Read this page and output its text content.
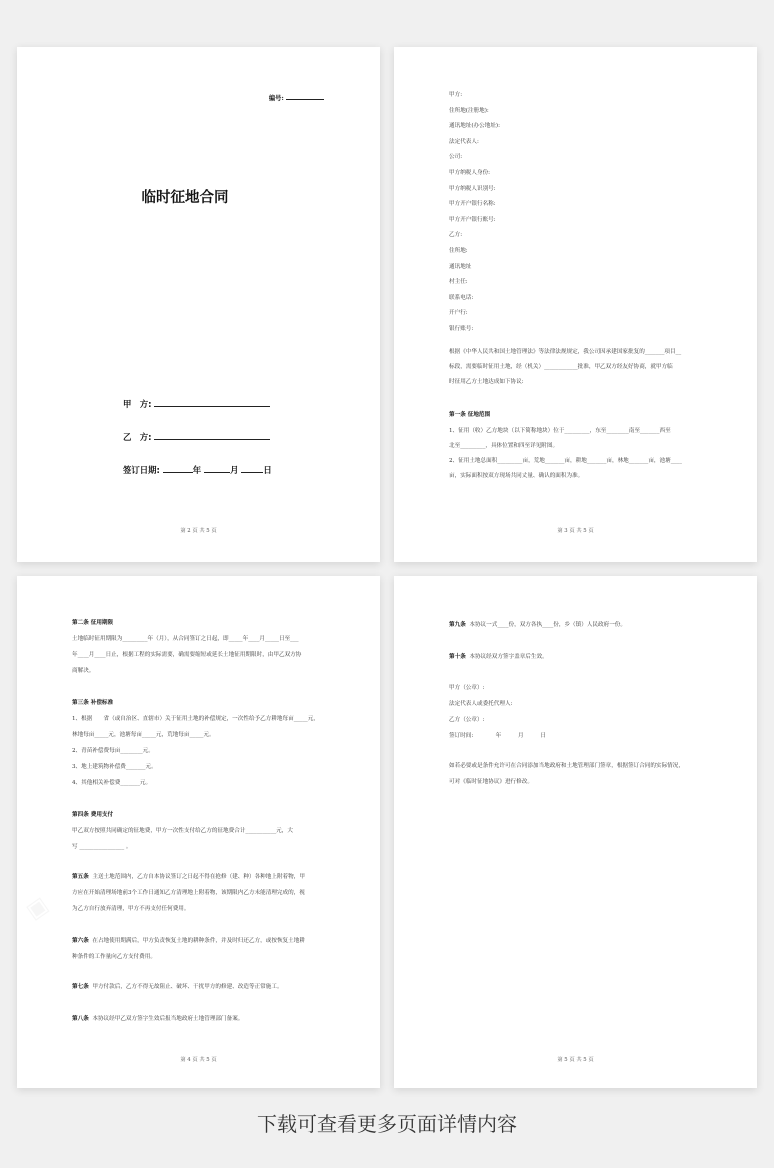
编号:
临时征地合同
甲　方:
乙　方:
签订日期:	年	月	日
第 2 页 共 5 页
甲方:
住所地(注册地):
通讯地址(办公地址):
法定代表人:
公司:
甲方纳税人身份:
甲方纳税人识别号:
甲方开户银行名称:
甲方开户银行账号:
乙方:
住所地:
通讯地址
村主任:
联系电话:
开户行:
银行账号:
根据《中华人民共和国土地管理法》等法律法规规定，我公司因承建国家批复的_______项目__
标段，需要临时征用土地，经（机关）____________批准，甲乙双方经友好协商，就甲方临
时征用乙方土地达成如下协议:
第一条 征地范围
1、征用（收）乙方地块（以下简称地块）位于_________，东至________南至_______西至
北至_________，具体位置和四至详见附图。
2、征用土地总面积_________亩，荒地_______亩，耕地_______亩，林地_______亩，池塘____
亩，实际面积按双方现场共同丈量、确认的面积为准。
第 3 页 共 5 页
第二条 征用期限
土地临时征用期限为_________年（月），从合同签订之日起，即_____年____月_____日至___
年____月____日止，根据工程的实际需要，确需要缩短或延长土地征用期限时，由甲乙双方协
商解决。
第三条 补偿标准
1、根据　　省（或自治区、直辖市）关于征用土地的补偿规定，一次性给予乙方耕地每亩_____元，
林地每亩_____元，池塘每亩_____元，荒地每亩_____元。
2、青苗补偿费每亩________元。
3、地上建筑物补偿费_______元。
4、其他相关补偿费_______元。
第四条 费用支付
甲乙双方按照共同确定的征地费，甲方一次性支付给乙方的征地费合计___________元，大
写 ________________ 。
第五条 主送土地范围内，乙方自本协议签订之日起不得在抢修（建、种）各种地上附着物，甲
方应在开始清理场地前3个工作日通知乙方清理地上附着物，该期限内乙方未能清理完成的，视
为乙方自行放弃清理，甲方不再支付任何费用。
第六条 在占地使用期满后，甲方负责恢复土地的耕种条件，并及时归还乙方，或按恢复土地耕
种条件的工作量向乙方支付费用。
第七条 甲方付款后，乙方不得无故阻止、破坏、干扰甲方的修建、改造等正常施工。
第八条 本协议经甲乙双方签字生效后报当地政府土地管理部门备案。
第 4 页 共 5 页
第九条 本协议一式____份，双方各执____份，乡（镇）人民政府一份。
第十条 本协议经双方签字盖章后生效。
甲方（公章）:
法定代表人或委托代理人:
乙方（公章）:
签订时间:　　　　年　　　月　　　日
如若必要或是条件允许可在合同添加当地政府和土地管理部门签章，根据签订合同的实际情况，
可对《临时征地协议》进行修改。
第 5 页 共 5 页
下载可查看更多页面详情内容
